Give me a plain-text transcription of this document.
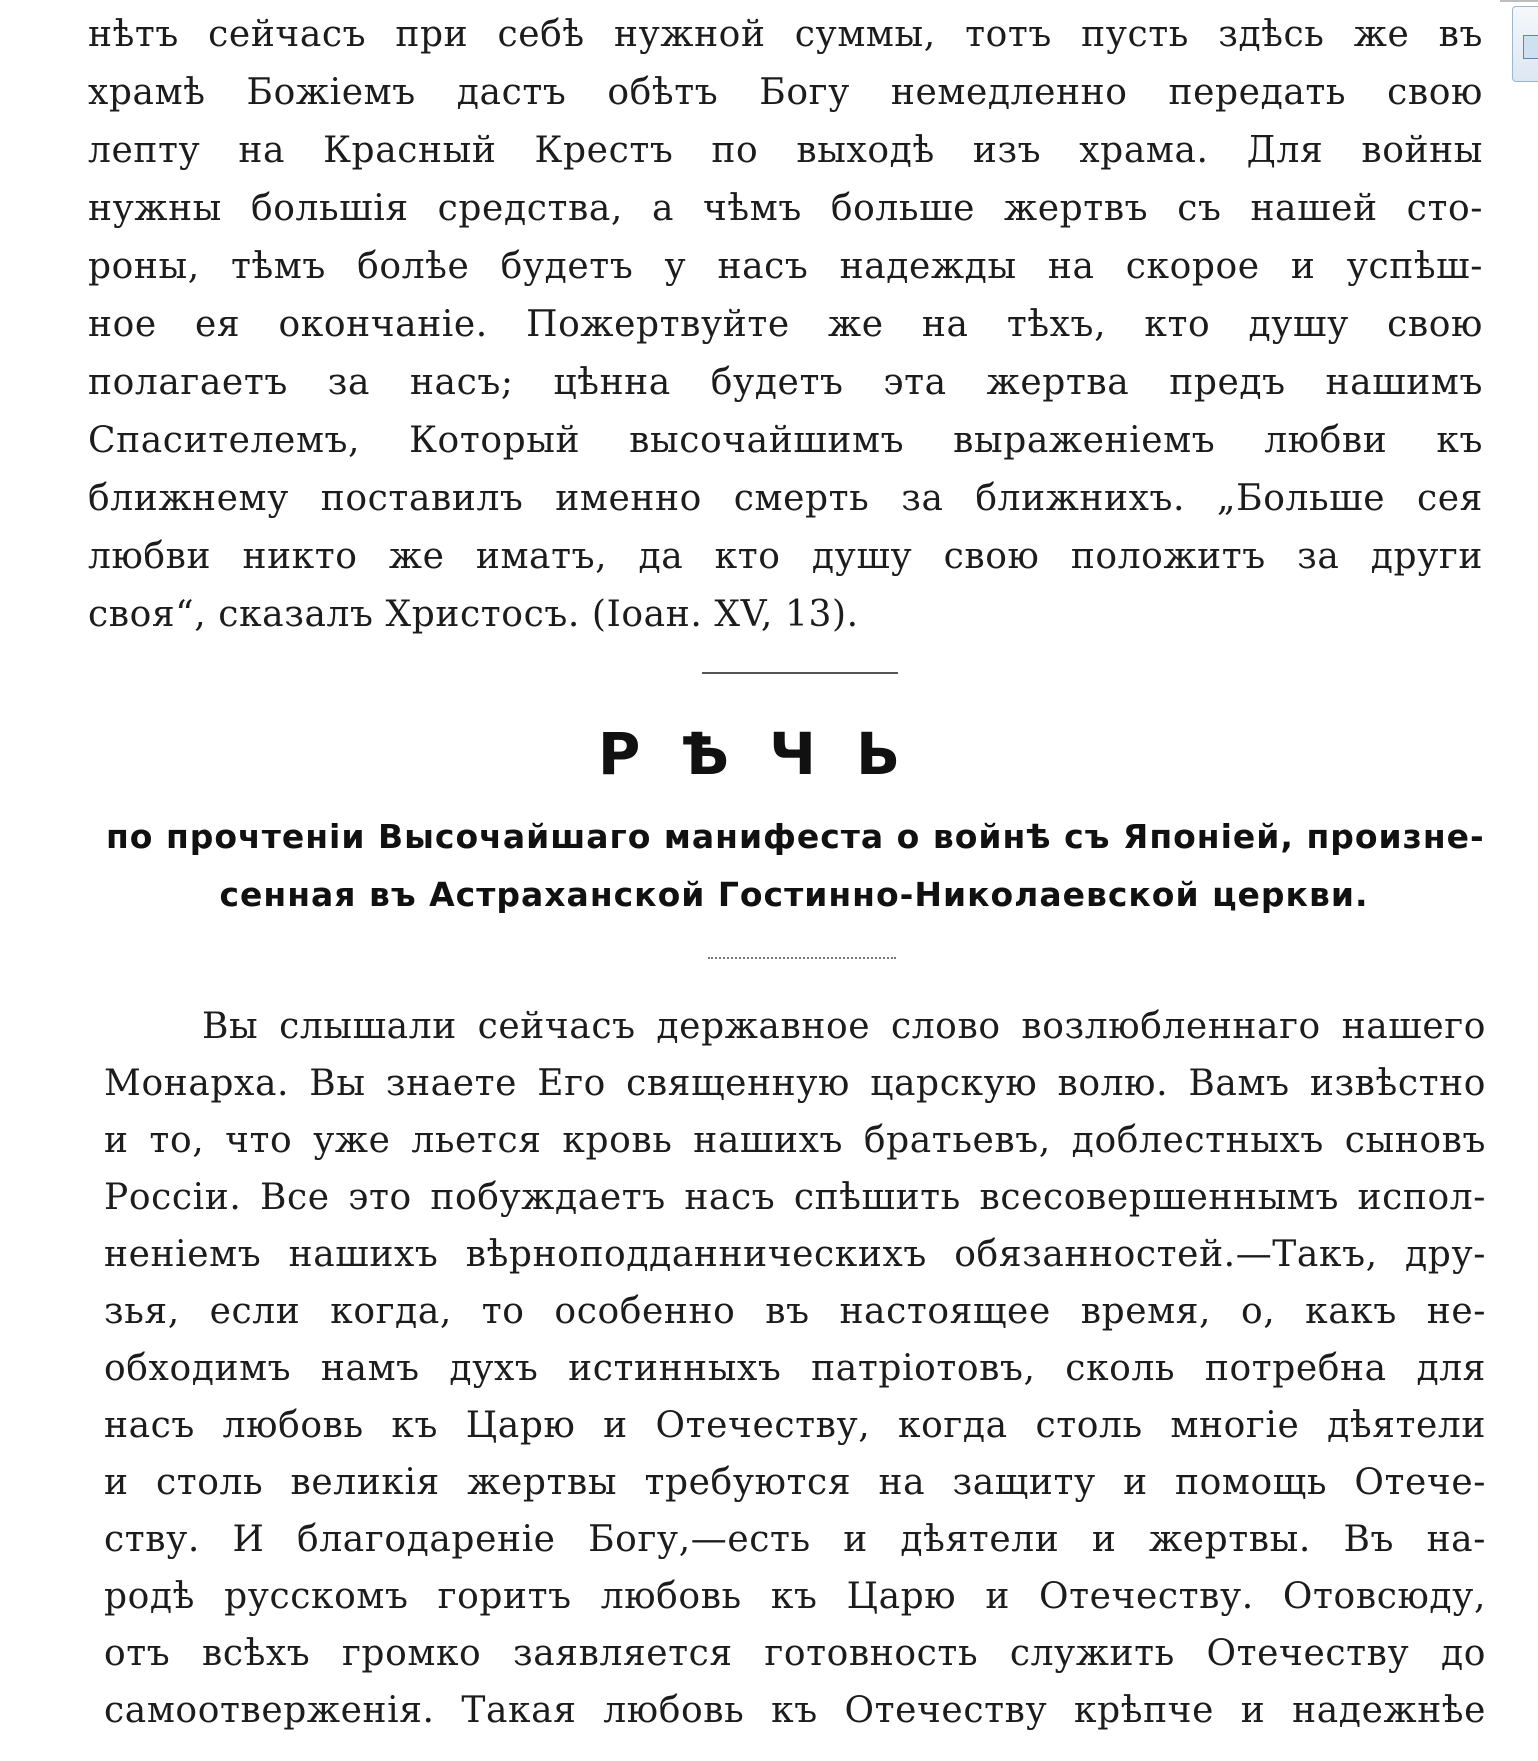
нѣтъ сейчасъ при себѣ нужной суммы, тотъ пусть здѣсь же въ
храмѣ Божіемъ дастъ обѣтъ Богу немедленно передать свою
лепту на Красный Крестъ по выходѣ изъ храма. Для войны
нужны большія средства, а чѣмъ больше жертвъ съ нашей сто-
роны, тѣмъ болѣе будетъ у насъ надежды на скорое и успѣш-
ное ея окончаніе. Пожертвуйте же на тѣхъ, кто душу свою
полагаетъ за насъ; цѣнна будетъ эта жертва предъ нашимъ
Спасителемъ, Который высочайшимъ выраженіемъ любви къ
ближнему поставилъ именно смерть за ближнихъ. „Больше сея
любви никто же иматъ, да кто душу свою положитъ за други
своя“, сказалъ Христосъ. (Іоан. XV, 13).
РѢЧЬ
по прочтеніи Высочайшаго манифеста о войнѣ съ Японіей, произне-
сенная въ Астраханской Гостинно-Николаевской церкви.
Вы слышали сейчасъ державное слово возлюбленнаго нашего
Монарха. Вы знаете Его священную царскую волю. Вамъ извѣстно
и то, что уже льется кровь нашихъ братьевъ, доблестныхъ сыновъ
Россіи. Все это побуждаетъ насъ спѣшить всесовершеннымъ испол-
неніемъ нашихъ вѣрноподданническихъ обязанностей.—Такъ, дру-
зья, если когда, то особенно въ настоящее время, о, какъ не-
обходимъ намъ духъ истинныхъ патріотовъ, сколь потребна для
насъ любовь къ Царю и Отечеству, когда столь многіе дѣятели
и столь великія жертвы требуются на защиту и помощь Отече-
ству. И благодареніе Богу,—есть и дѣятели и жертвы. Въ на-
родѣ русскомъ горитъ любовь къ Царю и Отечеству. Отовсюду,
отъ всѣхъ громко заявляется готовность служить Отечеству до
самоотверженія. Такая любовь къ Отечеству крѣпче и надежнѣе
